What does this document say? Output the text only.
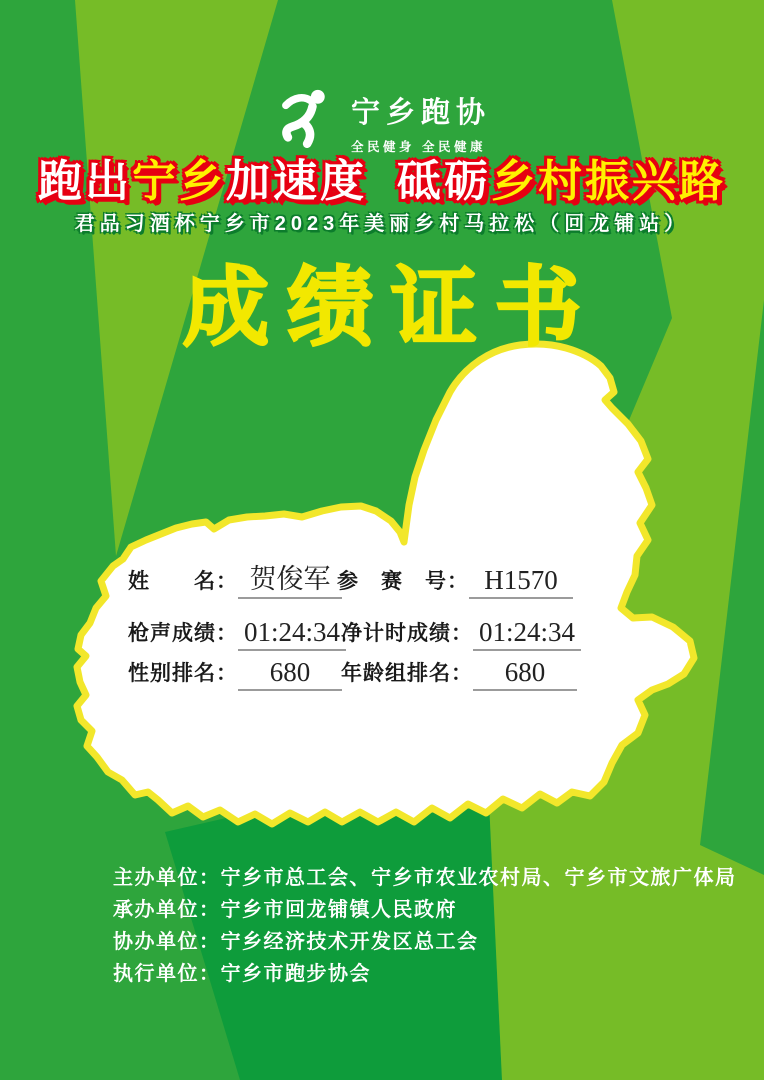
宁乡跑协
全民健身 全民健康
跑出宁乡加速度 砥砺乡村振兴路
君品习酒杯宁乡市2023年美丽乡村马拉松（回龙铺站）
成绩证书
姓　　名： 贺俊军 参　赛　号： H1570
枪声成绩： 01:24:34 净计时成绩： 01:24:34
性别排名：	680	年龄组排名：	680
主办单位：宁乡市总工会、宁乡市农业农村局、宁乡市文旅广体局
承办单位：宁乡市回龙铺镇人民政府
协办单位：宁乡经济技术开发区总工会
执行单位：宁乡市跑步协会
